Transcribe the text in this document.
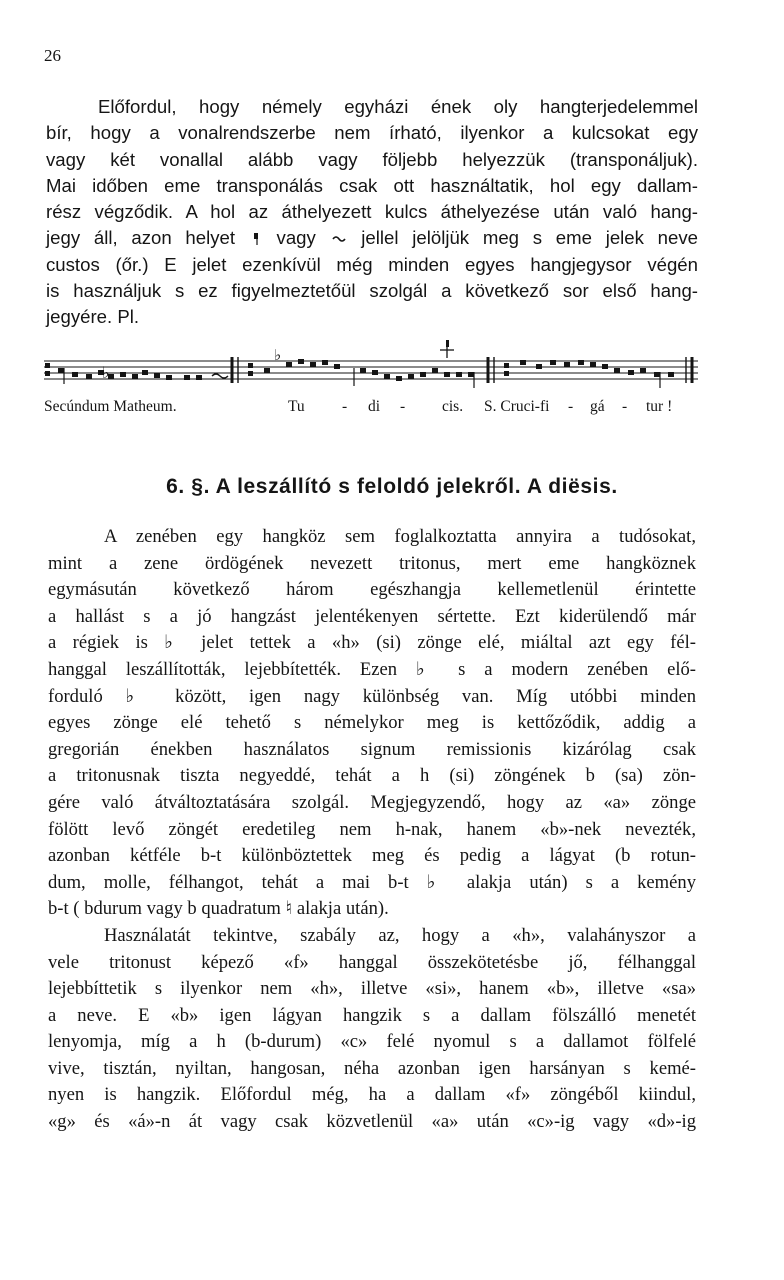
26
Előfordul, hogy némely egyházi ének oly hangterjedelemmel
bír, hogy a vonalrendszerbe nem írható, ilyenkor a kulcsokat egy
vagy két vonallal alább vagy följebb helyezzük (transponáljuk).
Mai időben eme transponálás csak ott használtatik, hol egy dallam-
rész végződik. A hol az áthelyezett kulcs áthelyezése után való hang-
jegy áll, azon helyet  vagy  jellel jelöljük meg s eme jelek neve
custos (őr.) E jelet ezenkívül még minden egyes hangjegysor végén
is használjuk s ez figyelmeztetőül szolgál a következő sor első hang-
jegyére. Pl.
♭
♭
Secúndum Matheum.	Tu - di - cis. S. Cruci-fi - gá - tur !
6. §. A leszállító s feloldó jelekről. A diësis.
A zenében egy hangköz sem foglalkoztatta annyira a tudósokat,
mint a zene ördögének nevezett tritonus, mert eme hangköznek
egymásután következő három egészhangja kellemetlenül érintette
a hallást s a jó hangzást jelentékenyen sértette. Ezt kiderülendő már
a régiek is ♭ jelet tettek a «h» (si) zönge elé, miáltal azt egy fél-
hanggal leszállították, lejebbítették. Ezen ♭ s a modern zenében elő-
forduló ♭ között, igen nagy különbség van. Míg utóbbi minden
egyes zönge elé tehető s némelykor meg is kettőződik, addig a
gregorián énekben használatos signum remissionis kizárólag csak
a tritonusnak tiszta negyeddé, tehát a h (si) zöngének b (sa) zön-
gére való átváltoztatására szolgál. Megjegyzendő, hogy az «a» zönge
fölött levő zöngét eredetileg nem h-nak, hanem «b»-nek nevezték,
azonban kétféle b-t különböztettek meg és pedig a lágyat (b rotun-
dum, molle, félhangot, tehát a mai b-t ♭ alakja után) s a kemény
b-t ( bdurum vagy b quadratum ♮ alakja után).
Használatát tekintve, szabály az, hogy a «h», valahányszor a
vele tritonust képező «f» hanggal összekötetésbe jő, félhanggal
lejebbíttetik s ilyenkor nem «h», illetve «si», hanem «b», illetve «sa»
a neve. E «b» igen lágyan hangzik s a dallam fölszálló menetét
lenyomja, míg a h (b-durum) «c» felé nyomul s a dallamot fölfelé
vive, tisztán, nyiltan, hangosan, néha azonban igen harsányan s kemé-
nyen is hangzik. Előfordul még, ha a dallam «f» zöngéből kiindul,
«g» és «á»-n át vagy csak közvetlenül «a» után «c»-ig vagy «d»-ig
